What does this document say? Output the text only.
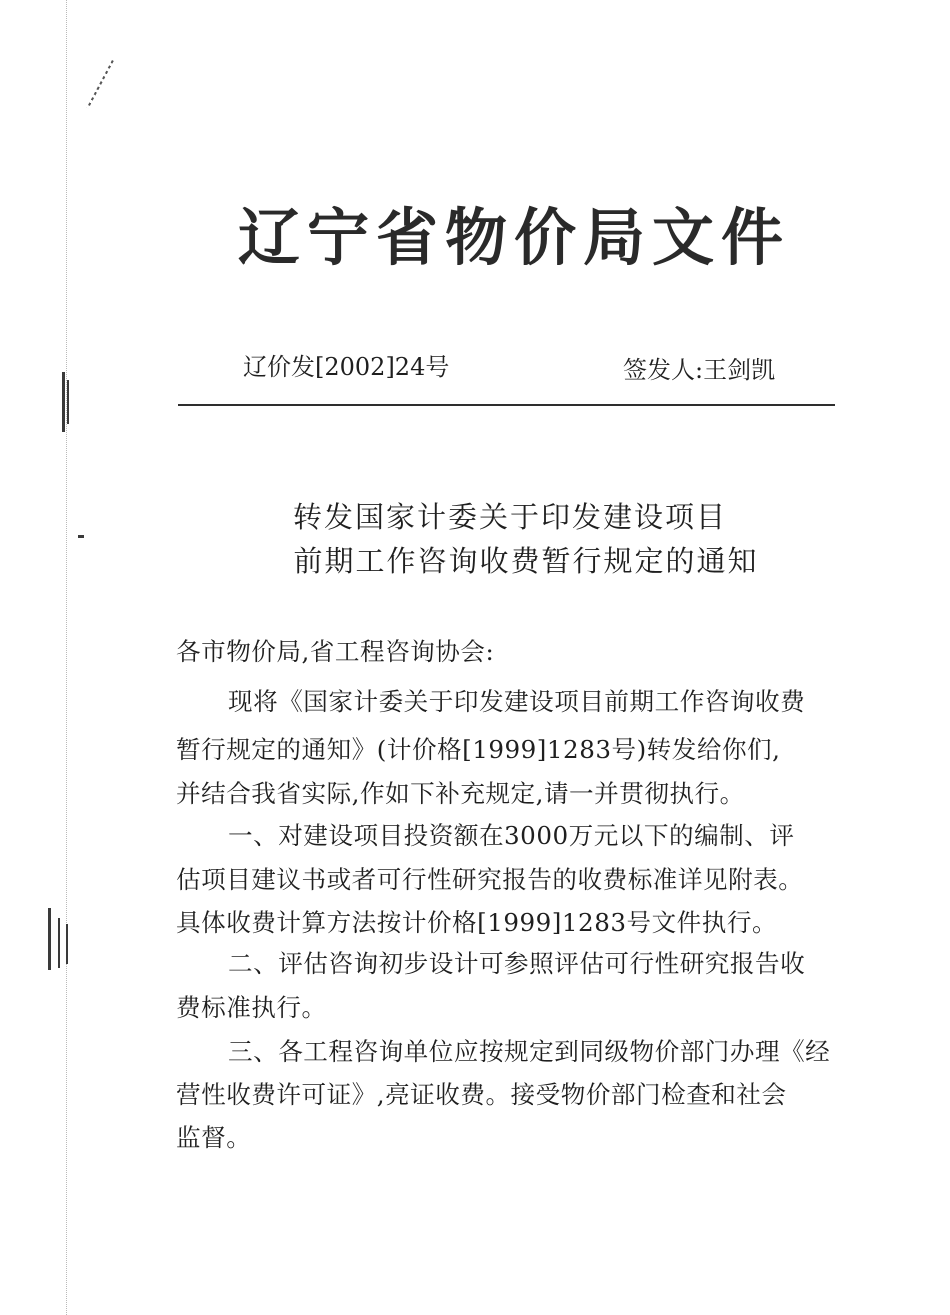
辽宁省物价局文件
辽价发[2002]24号	签发人:王剑凯
转发国家计委关于印发建设项目
前期工作咨询收费暂行规定的通知
各市物价局,省工程咨询协会:
现将《国家计委关于印发建设项目前期工作咨询收费
暂行规定的通知》(计价格[1999]1283号)转发给你们,
并结合我省实际,作如下补充规定,请一并贯彻执行。
一、对建设项目投资额在3000万元以下的编制、评
估项目建议书或者可行性研究报告的收费标准详见附表。
具体收费计算方法按计价格[1999]1283号文件执行。
二、评估咨询初步设计可参照评估可行性研究报告收
费标准执行。
三、各工程咨询单位应按规定到同级物价部门办理《经
营性收费许可证》,亮证收费。接受物价部门检查和社会
监督。
